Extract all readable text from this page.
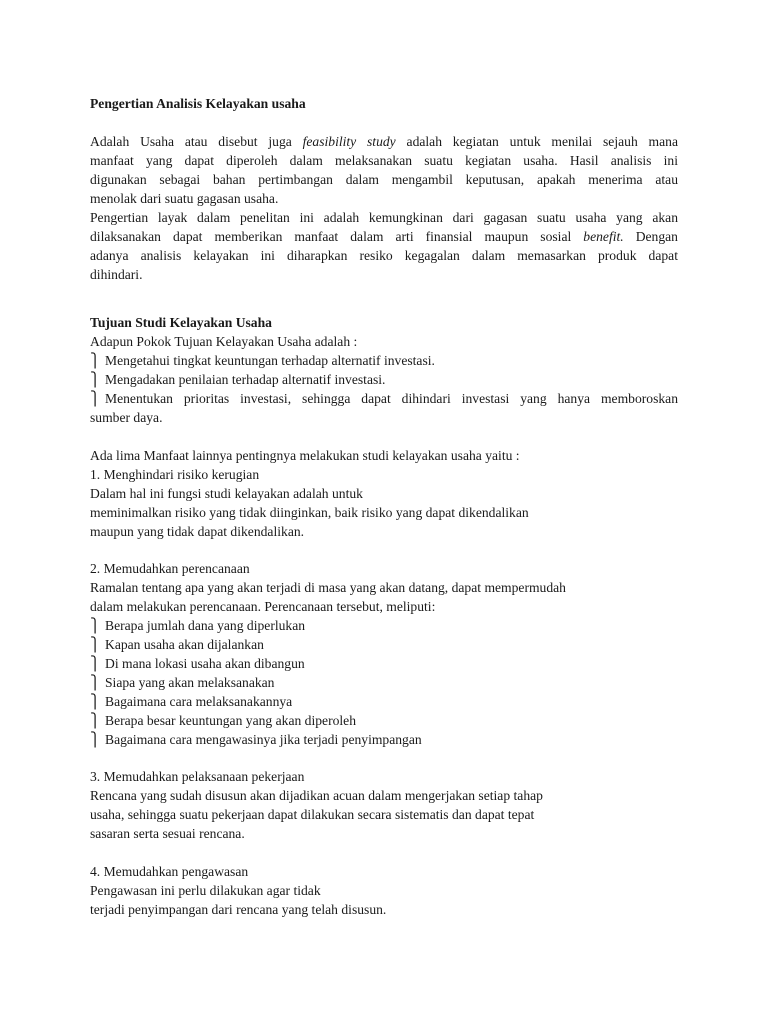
Pengertian Analisis Kelayakan usaha
Adalah Usaha atau disebut juga feasibility study adalah kegiatan untuk menilai sejauh mana
manfaat yang dapat diperoleh dalam melaksanakan suatu kegiatan usaha. Hasil analisis ini
digunakan sebagai bahan pertimbangan dalam mengambil keputusan, apakah menerima atau
menolak dari suatu gagasan usaha.
Pengertian layak dalam penelitan ini adalah kemungkinan dari gagasan suatu usaha yang akan
dilaksanakan dapat memberikan manfaat dalam arti finansial maupun sosial benefit. Dengan
adanya analisis kelayakan ini diharapkan resiko kegagalan dalam memasarkan produk dapat
dihindari.
Tujuan Studi Kelayakan Usaha
Adapun Pokok Tujuan Kelayakan Usaha adalah :
⎫ Mengetahui tingkat keuntungan terhadap alternatif investasi.
⎫ Mengadakan penilaian terhadap alternatif investasi.
⎫ Menentukan prioritas investasi, sehingga dapat dihindari investasi yang hanya memboroskan
sumber daya.
Ada lima Manfaat lainnya pentingnya melakukan studi kelayakan usaha yaitu :
1. Menghindari risiko kerugian
Dalam hal ini fungsi studi kelayakan adalah untuk
meminimalkan risiko yang tidak diinginkan, baik risiko yang dapat dikendalikan
maupun yang tidak dapat dikendalikan.
2. Memudahkan perencanaan
Ramalan tentang apa yang akan terjadi di masa yang akan datang, dapat mempermudah
dalam melakukan perencanaan. Perencanaan tersebut, meliputi:
⎫ Berapa jumlah dana yang diperlukan
⎫ Kapan usaha akan dijalankan
⎫ Di mana lokasi usaha akan dibangun
⎫ Siapa yang akan melaksanakan
⎫ Bagaimana cara melaksanakannya
⎫ Berapa besar keuntungan yang akan diperoleh
⎫ Bagaimana cara mengawasinya jika terjadi penyimpangan
3. Memudahkan pelaksanaan pekerjaan
Rencana yang sudah disusun akan dijadikan acuan dalam mengerjakan setiap tahap
usaha, sehingga suatu pekerjaan dapat dilakukan secara sistematis dan dapat tepat
sasaran serta sesuai rencana.
4. Memudahkan pengawasan
Pengawasan ini perlu dilakukan agar tidak
terjadi penyimpangan dari rencana yang telah disusun.
